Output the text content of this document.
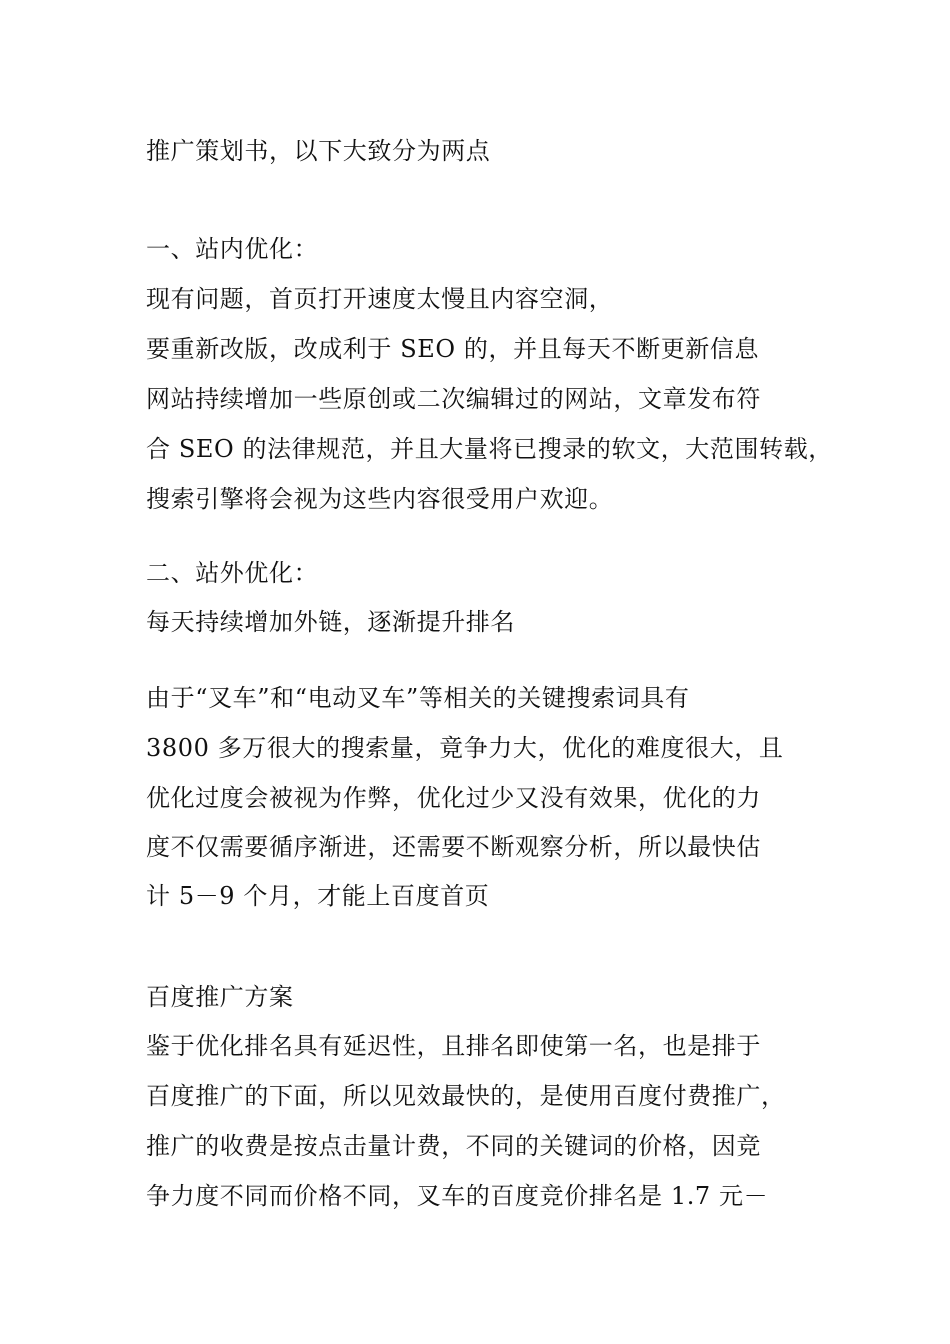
推广策划书，以下大致分为两点
一、站内优化：
现有问题，首页打开速度太慢且内容空洞，
要重新改版，改成利于 SEO 的，并且每天不断更新信息
网站持续增加一些原创或二次编辑过的网站，文章发布符
合 SEO 的法律规范，并且大量将已搜录的软文，大范围转载，
搜索引擎将会视为这些内容很受用户欢迎。
二、站外优化：
每天持续增加外链，逐渐提升排名
由于“叉车”和“电动叉车”等相关的关键搜索词具有
3800 多万很大的搜索量，竟争力大，优化的难度很大，且
优化过度会被视为作弊，优化过少又没有效果，优化的力
度不仅需要循序渐进，还需要不断观察分析，所以最快估
计 5－9 个月，才能上百度首页
百度推广方案
鉴于优化排名具有延迟性，且排名即使第一名，也是排于
百度推广的下面，所以见效最快的，是使用百度付费推广，
推广的收费是按点击量计费，不同的关键词的价格，因竞
争力度不同而价格不同，叉车的百度竞价排名是 1.7 元－
